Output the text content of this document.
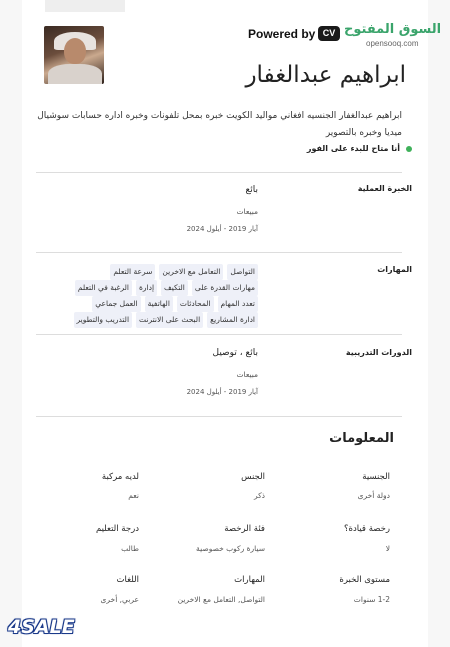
Powered by CV السوق المفتوح
opensooq.com
ابراهيم عبدالغفار
ابراهيم عبدالغفار الجنسيه افغاني مواليد الكويت خبره بمحل تلفونات وخبره اداره حسابات سوشيال ميديا وخبره بالتصوير
أنا متاح للبدء على الفور
الخبرة العملية
بائع
مبيعات
آيار 2019 - أيلول 2024
المهارات
التواصلالتعامل مع الاخرينسرعة التعلممهارات القدرة علىالتكيفإدارةالرغبة في التعلمتعدد المهامالمحادثاتالهاتفيةالعمل جماعيادارة المشاريعالبحث على الانترنتالتدريب والتطوير
الدورات التدريبية
بائع ، توصيل
مبيعات
آيار 2019 - أيلول 2024
المعلومات
الجنسية
دولة أخرى
الجنس
ذكر
لديه مركبة
نعم
رخصة قيادة؟
لا
فئة الرخصة
سيارة ركوب خصوصية
درجة التعليم
طالب
مستوى الخبرة
1-2 سنوات
المهارات
التواصل, التعامل مع الاخرين
اللغات
عربي, أخرى
4SALE
